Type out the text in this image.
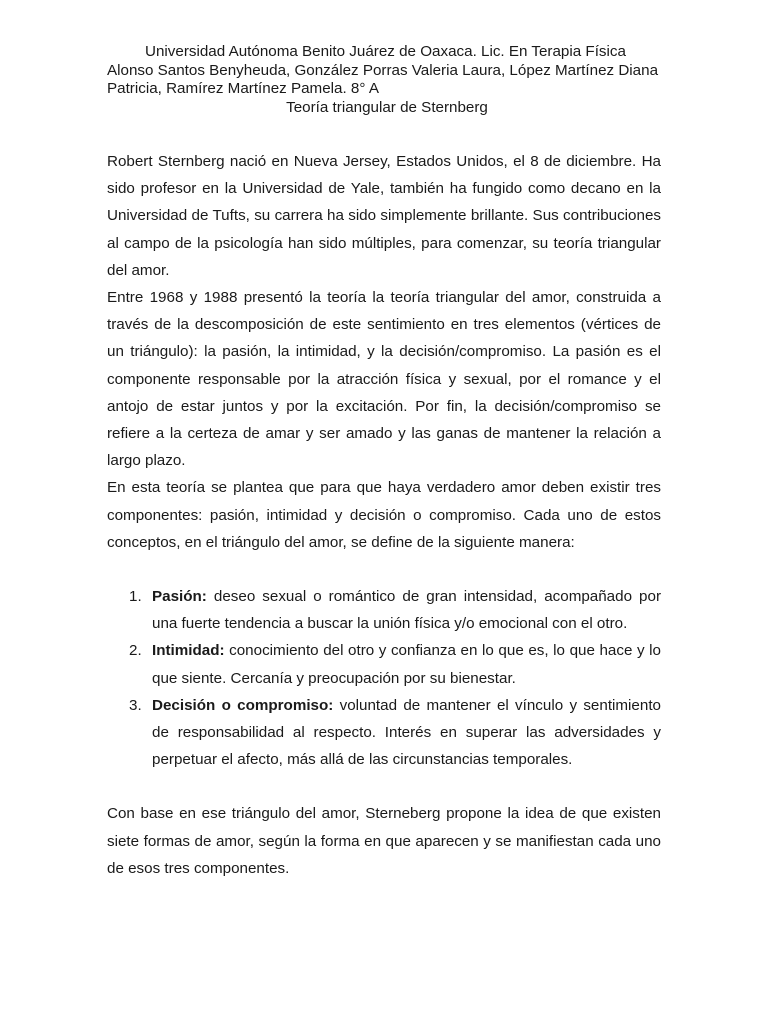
Universidad Autónoma Benito Juárez de Oaxaca. Lic. En Terapia Física
Alonso Santos Benyheuda, González Porras Valeria Laura, López Martínez Diana
Patricia, Ramírez Martínez Pamela. 8° A
Teoría triangular de Sternberg

Robert Sternberg nació en Nueva Jersey, Estados Unidos, el 8 de diciembre. Ha sido profesor en la Universidad de Yale, también ha fungido como decano en la Universidad de Tufts, su carrera ha sido simplemente brillante. Sus contribuciones al campo de la psicología han sido múltiples, para comenzar, su teoría triangular del amor.

Entre 1968 y 1988 presentó la teoría la teoría triangular del amor, construida a través de la descomposición de este sentimiento en tres elementos (vértices de un triángulo): la pasión, la intimidad, y la decisión/compromiso. La pasión es el componente responsable por la atracción física y sexual, por el romance y el antojo de estar juntos y por la excitación. Por fin, la decisión/compromiso se refiere a la certeza de amar y ser amado y las ganas de mantener la relación a largo plazo.

En esta teoría se plantea que para que haya verdadero amor deben existir tres componentes: pasión, intimidad y decisión o compromiso. Cada uno de estos conceptos, en el triángulo del amor, se define de la siguiente manera:

1. Pasión: deseo sexual o romántico de gran intensidad, acompañado por una fuerte tendencia a buscar la unión física y/o emocional con el otro.
2. Intimidad: conocimiento del otro y confianza en lo que es, lo que hace y lo que siente. Cercanía y preocupación por su bienestar.
3. Decisión o compromiso: voluntad de mantener el vínculo y sentimiento de responsabilidad al respecto. Interés en superar las adversidades y perpetuar el afecto, más allá de las circunstancias temporales.

Con base en ese triángulo del amor, Sterneberg propone la idea de que existen siete formas de amor, según la forma en que aparecen y se manifiestan cada uno de esos tres componentes.
